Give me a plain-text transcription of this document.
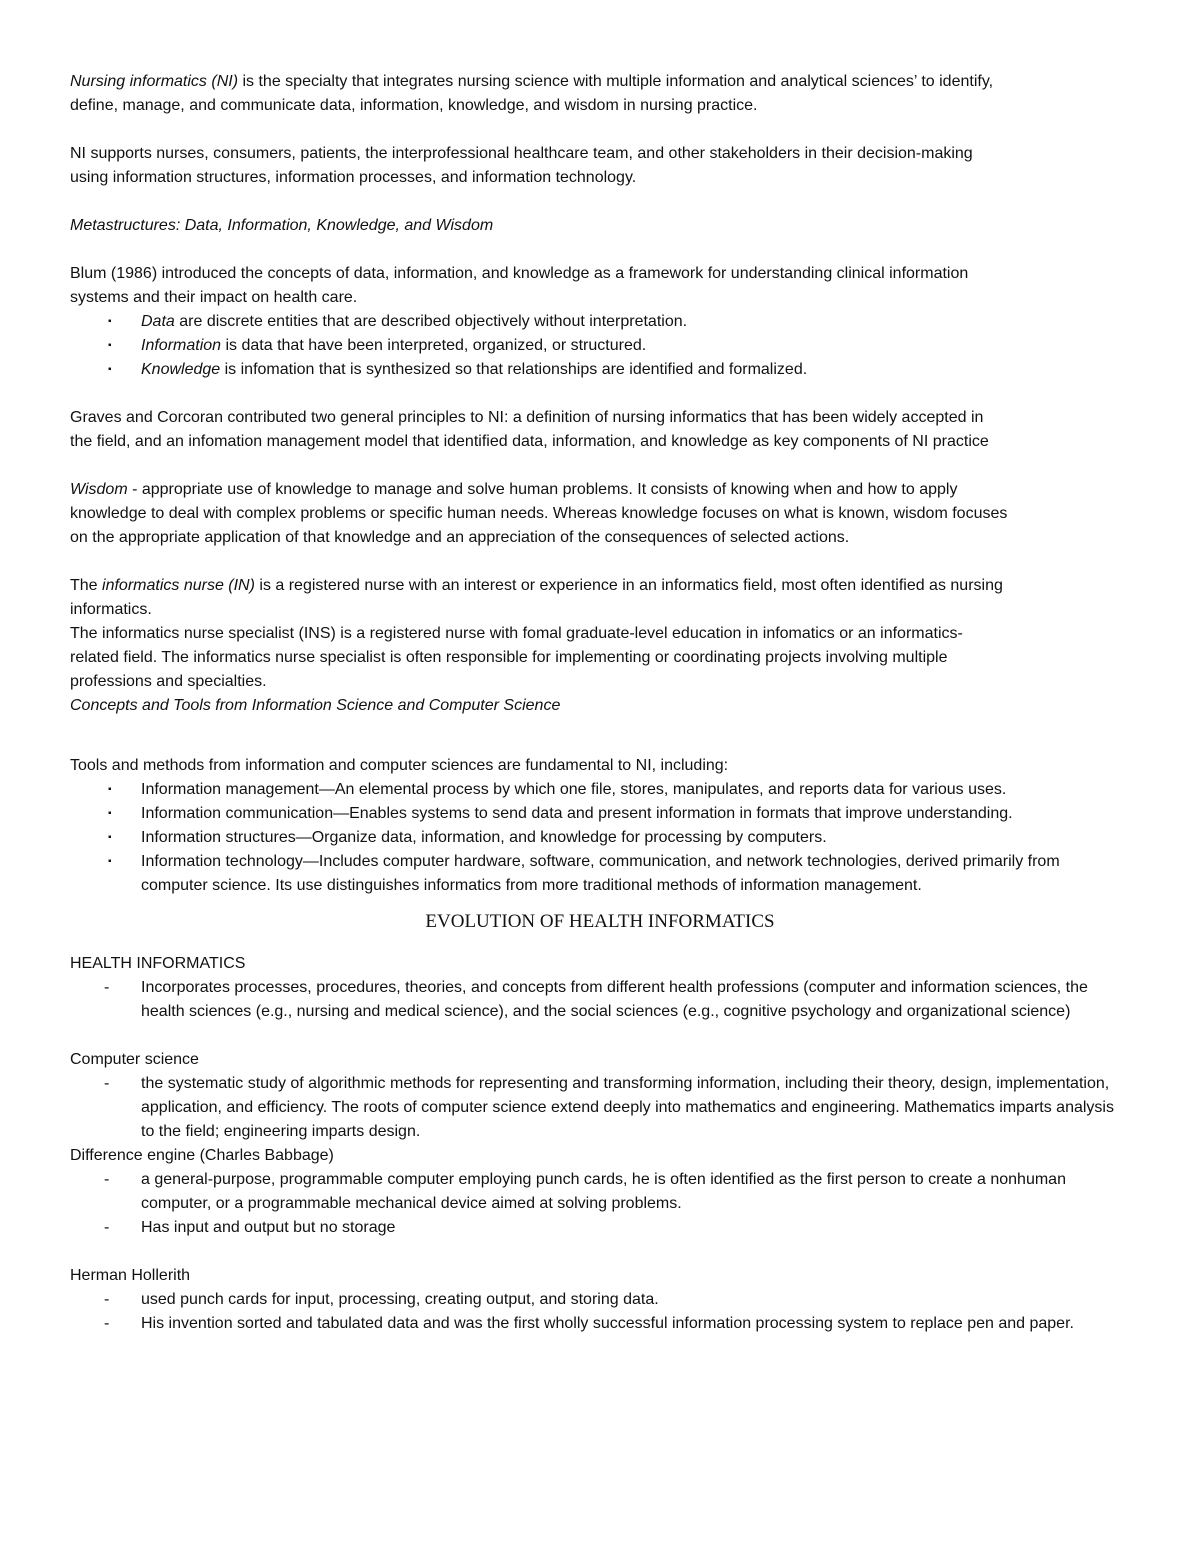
Nursing informatics (NI) is the specialty that integrates nursing science with multiple information and analytical sciences’ to identify,
define, manage, and communicate data, information, knowledge, and wisdom in nursing practice.
NI supports nurses, consumers, patients, the interprofessional healthcare team, and other stakeholders in their decision-making
using information structures, information processes, and information technology.
Metastructures: Data, Information, Knowledge, and Wisdom
Blum (1986) introduced the concepts of data, information, and knowledge as a framework for understanding clinical information
systems and their impact on health care.
▪ Data are discrete entities that are described objectively without interpretation.
▪ Information is data that have been interpreted, organized, or structured.
▪ Knowledge is infomation that is synthesized so that relationships are identified and formalized.
Graves and Corcoran contributed two general principles to NI: a definition of nursing informatics that has been widely accepted in
the field, and an infomation management model that identified data, information, and knowledge as key components of NI practice
Wisdom - appropriate use of knowledge to manage and solve human problems. It consists of knowing when and how to apply
knowledge to deal with complex problems or specific human needs. Whereas knowledge focuses on what is known, wisdom focuses
on the appropriate application of that knowledge and an appreciation of the consequences of selected actions.
The informatics nurse (IN) is a registered nurse with an interest or experience in an informatics field, most often identified as nursing
informatics.
The informatics nurse specialist (INS) is a registered nurse with fomal graduate-level education in infomatics or an informatics-
related field. The informatics nurse specialist is often responsible for implementing or coordinating projects involving multiple
professions and specialties.
Concepts and Tools from Information Science and Computer Science
Tools and methods from information and computer sciences are fundamental to NI, including:
▪ Information management—An elemental process by which one file, stores, manipulates, and reports data for various uses.
▪ Information communication—Enables systems to send data and present information in formats that improve understanding.
▪ Information structures—Organize data, information, and knowledge for processing by computers.
▪ Information technology—Includes computer hardware, software, communication, and network technologies, derived primarily from computer science. Its use distinguishes informatics from more traditional methods of information management.
EVOLUTION OF HEALTH INFORMATICS
HEALTH INFORMATICS
- Incorporates processes, procedures, theories, and concepts from different health professions (computer and information sciences, the health sciences (e.g., nursing and medical science), and the social sciences (e.g., cognitive psychology and organizational science)
Computer science
- the systematic study of algorithmic methods for representing and transforming information, including their theory, design, implementation, application, and efficiency. The roots of computer science extend deeply into mathematics and engineering. Mathematics imparts analysis to the field; engineering imparts design.
Difference engine (Charles Babbage)
- a general-purpose, programmable computer employing punch cards, he is often identified as the first person to create a nonhuman computer, or a programmable mechanical device aimed at solving problems.
- Has input and output but no storage
Herman Hollerith
- used punch cards for input, processing, creating output, and storing data.
- His invention sorted and tabulated data and was the first wholly successful information processing system to replace pen and paper.
